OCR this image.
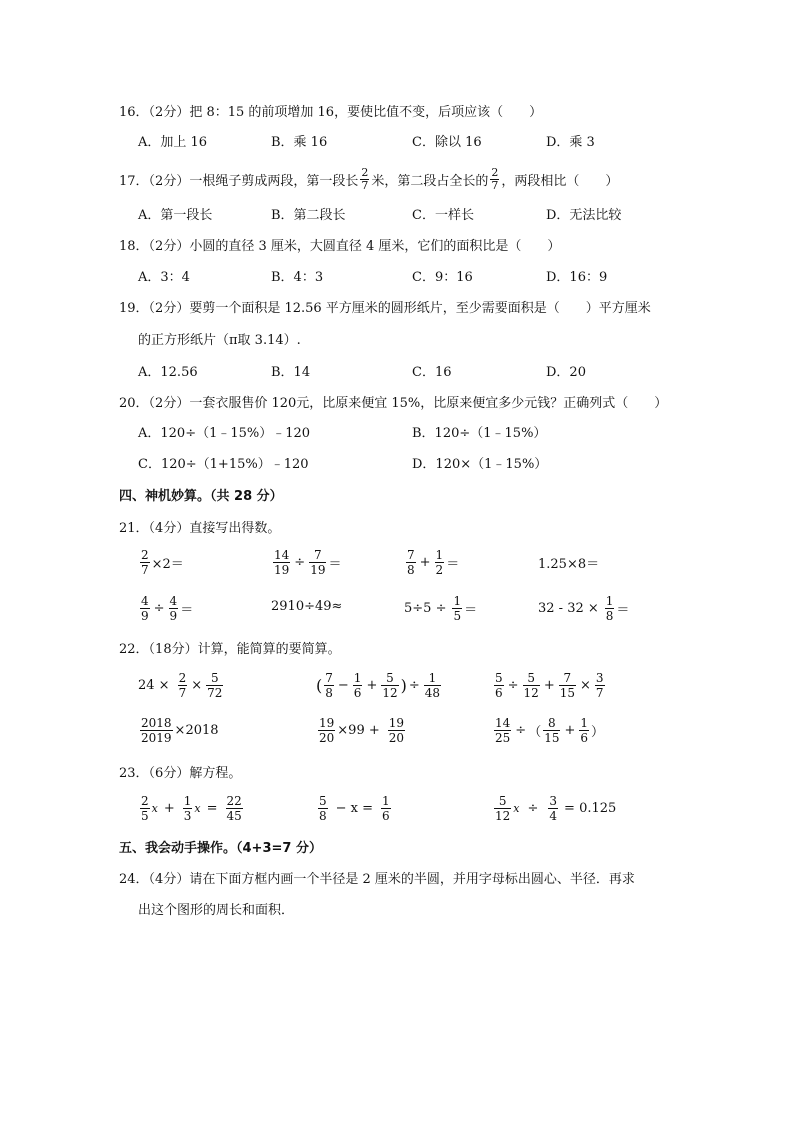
16．（2分）把 8：15 的前项增加 16，要使比值不变，后项应该（　　）
A．加上 16	B．乘 16	C．除以 16	D．乘 3
17．（2分）一根绳子剪成两段，第一段长 $\frac{2}{7}$ 米，第二段占全长的 $\frac{2}{7}$ ，两段相比（　　）
A．第一段长	B．第二段长	C．一样长	D．无法比较
18．（2分）小圆的直径 3 厘米，大圆直径 4 厘米，它们的面积比是（　　）
A．3：4	B．4：3	C．9：16	D．16：9
19．（2分）要剪一个面积是 12.56 平方厘米的圆形纸片，至少需要面积是（　　）平方厘米
的正方形纸片（π取 3.14）.
A．12.56	B．14	C．16	D．20
20．（2分）一套衣服售价 120元，比原来便宜 15%，比原来便宜多少元钱？正确列式（　　）
A．120÷（1﹣15%）﹣120	B．120÷（1﹣15%）
C．120÷（1+15%）﹣120	D．120×（1﹣15%）
四、神机妙算。（共 28 分）
21．（4分）直接写出得数。
$\frac{2}{7} \times 2=$	$\frac{14}{19} \div \frac{7}{19}$ ＝	$\frac{7}{8} + \frac{1}{2}$ ＝	1.25×8＝
$\frac{4}{9} \div \frac{4}{9}$ ＝	2910÷49≈	$5\div 5 \div \frac{1}{5}$ ＝	$32 - 32 \times \frac{1}{8}$ ＝
22．（18分）计算，能简算的要简算。
$24 \times \frac{2}{7} \times \frac{5}{72}$	( $\frac{7}{8} - \frac{1}{6} + \frac{5}{12}$ ) ÷ $\frac{1}{48}$	$\frac{5}{6} \div \frac{5}{12} + \frac{7}{15} \times \frac{3}{7}$
$\frac{2018}{2019} \times 2018$	$\frac{19}{20} \times 99 + \frac{19}{20}$	$\frac{14}{25}$ ÷ （ $\frac{8}{15} + \frac{1}{6}$ ）
23．（6分）解方程。
$\frac{2}{5}$ $x + \frac{1}{3}$ $x = \frac{22}{45}$	$\frac{5}{8} - x = \frac{1}{6}$	$\frac{5}{12}$ $x \div \frac{3}{4} = 0.125$
五、我会动手操作。（4+3=7 分）
24．（4分）请在下面方框内画一个半径是 2 厘米的半圆，并用字母标出圆心、半径．再求
出这个图形的周长和面积．
